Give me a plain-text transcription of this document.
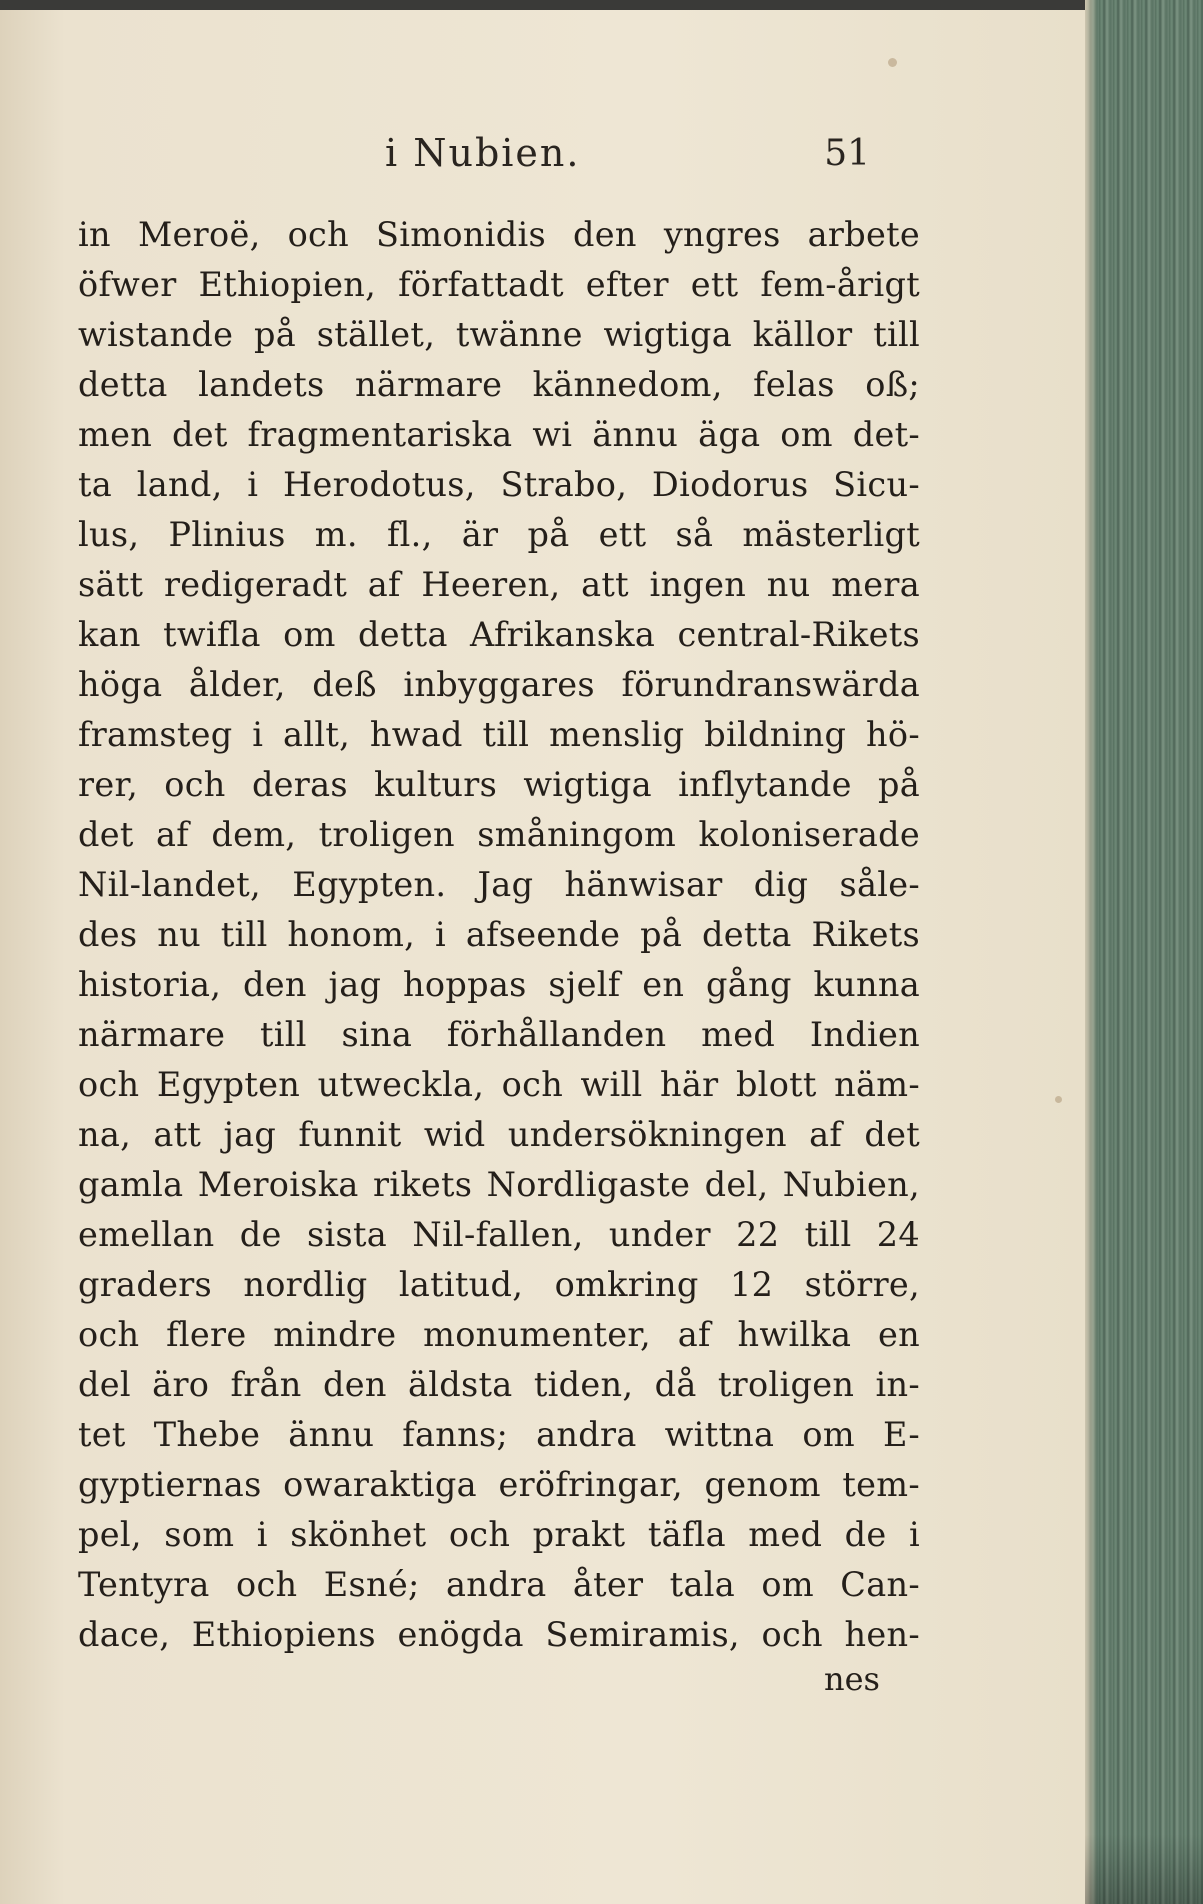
i Nubien.	51
in Meroë, och Simonidis den yngres arbete
öfwer Ethiopien, författadt efter ett fem-årigt
wistande på stället, twänne wigtiga källor till
detta landets närmare kännedom, felas oß;
men det fragmentariska wi ännu äga om det-
ta land, i Herodotus, Strabo, Diodorus Sicu-
lus, Plinius m. fl., är på ett så mästerligt
sätt redigeradt af Heeren, att ingen nu mera
kan twifla om detta Afrikanska central-Rikets
höga ålder, deß inbyggares förundranswärda
framsteg i allt, hwad till menslig bildning hö-
rer, och deras kulturs wigtiga inflytande på
det af dem, troligen småningom koloniserade
Nil-landet, Egypten. Jag hänwisar dig såle-
des nu till honom, i afseende på detta Rikets
historia, den jag hoppas sjelf en gång kunna
närmare till sina förhållanden med Indien
och Egypten utweckla, och will här blott näm-
na, att jag funnit wid undersökningen af det
gamla Meroiska rikets Nordligaste del, Nubien,
emellan de sista Nil-fallen, under 22 till 24
graders nordlig latitud, omkring 12 större,
och flere mindre monumenter, af hwilka en
del äro från den äldsta tiden, då troligen in-
tet Thebe ännu fanns; andra wittna om E-
gyptiernas owaraktiga eröfringar, genom tem-
pel, som i skönhet och prakt täfla med de i
Tentyra och Esné; andra åter tala om Can-
dace, Ethiopiens enögda Semiramis, och hen-
nes
